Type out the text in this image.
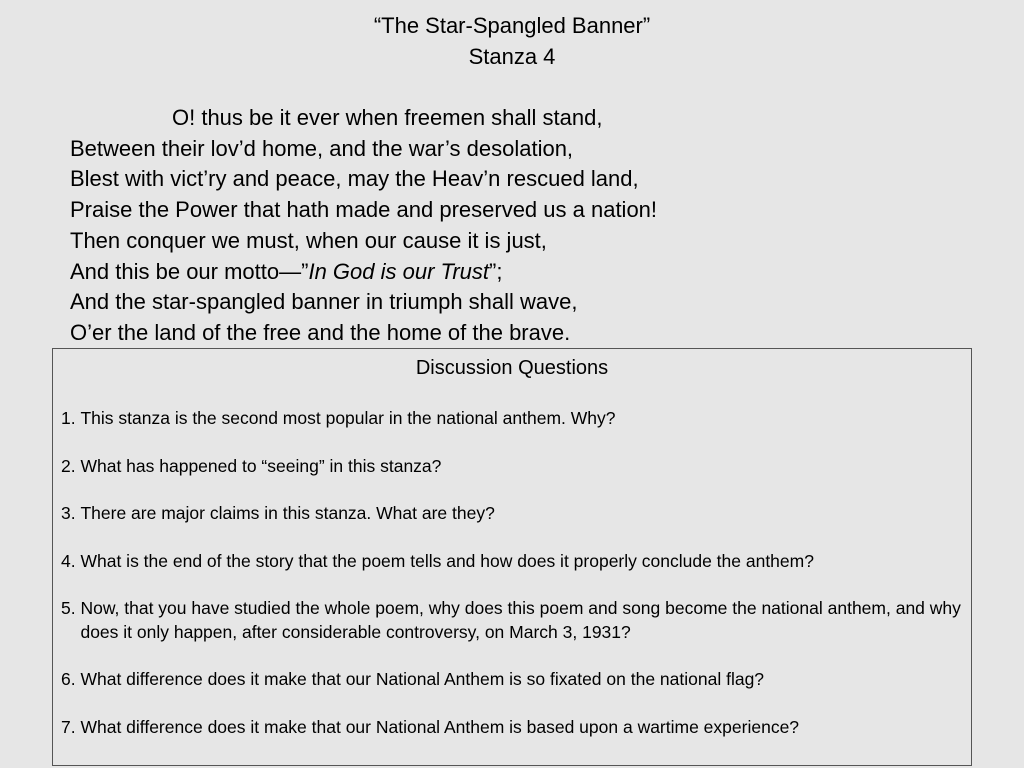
“The Star-Spangled Banner”
Stanza 4
O! thus be it ever when freemen shall stand,
Between their lov’d home, and the war’s desolation,
Blest with vict’ry and peace, may the Heav’n rescued land,
Praise the Power that hath made and preserved us a nation!
Then conquer we must, when our cause it is just,
And this be our motto—”In God is our Trust”;
And the star-spangled banner in triumph shall wave,
O’er the land of the free and the home of the brave.
Discussion Questions
1. This stanza is the second most popular in the national anthem. Why?
2. What has happened to “seeing” in this stanza?
3. There are major claims in this stanza. What are they?
4. What is the end of the story that the poem tells and how does it properly conclude the anthem?
5. Now, that you have studied the whole poem, why does this poem and song become the national anthem, and why does it only happen, after considerable controversy, on March 3, 1931?
6. What difference does it make that our National Anthem is so fixated on the national flag?
7. What difference does it make that our National Anthem is based upon a wartime experience?
